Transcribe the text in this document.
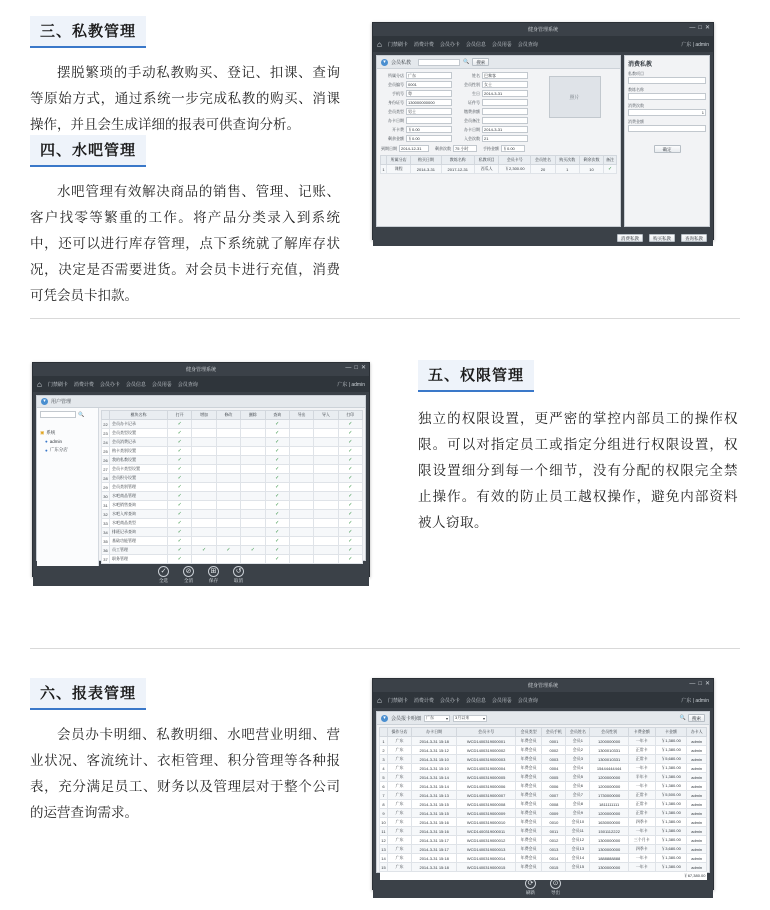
三、私教管理
摆脱繁琐的手动私教购买、登记、扣课、查询等原始方式，通过系统一步完成私教的购买、消课操作，并且会生成详细的报表可供查询分析。
四、水吧管理
水吧管理有效解决商品的销售、管理、记账、客户找零等繁重的工作。将产品分类录入到系统中，还可以进行库存管理，点下系统就了解库存状况，决定是否需要进货。对会员卡进行充值，消费可凭会员卡扣款。
健身管理系统	— □ ✕
⌂ 门禁刷卡 消费计费 会员办卡 会员信息 会员用품 会员查询	广东 | admin
▾	会员私教	🔍	搜索
所属分店	广东
会员编号	0001
手机号	粤
身份证号	130000000000
会员类型	男士
办卡日期
开卡费	￥0.00
剩余金额	￥0.00
姓名	巴黎客
会员性别	女士
生日	2014-3-31
证件号
缴费余额
会员备注
办卡日期	2014-3-31
入会次数	21
照片
到期日期	2014-12-31	剩余次数	75 小时	手持金额	￥0.00
	所属分店	购买日期	教练名称	私教项目	会员卡号	会员姓名	购买次数	剩余次数	备注
1	课程	2014-3-31	2017-12-31	西瓜人	￥2,300.00	20	1	10	✓
消费私教
私教项目
教练名称
消费次数
1
消费金额
确定
消费私教	购买私教	查询私教
健身管理系统	— □ ✕
⌂ 门禁刷卡 消费计费 会员办卡 会员信息 会员用품 会员查询	广东 | admin
▾	用户管理
🔍
▣ 系统
● admin
● 广东分店
	模块名称	打开	增加	修改	删除	查询	导出	导入	打印
22	会员办卡记录	✓				✓			✓
23	会员类型设置	✓				✓			✓
24	会员消费记录	✓				✓			✓
25	购卡类别设置	✓				✓			✓
26	我的私教设置	✓				✓			✓
27	会员卡类型设置	✓				✓			✓
28	会员积分设置	✓				✓			✓
29	会员类别管理	✓				✓			✓
30	水吧商品管理	✓				✓			✓
31	水吧销售查询	✓				✓			✓
32	水吧入库查询	✓				✓			✓
33	水吧商品类型	✓				✓			✓
34	排班记录查询	✓				✓			✓
35	基础功能管理	✓				✓			✓
36	员工管理	✓	✓	✓	✓	✓			✓
37	职务管理	✓				✓			✓
✓
全选
⊘
全消
⊞
保存
↺
取消
五、权限管理
独立的权限设置，更严密的掌控内部员工的操作权限。可以对指定员工或指定分组进行权限设置，权限设置细分到每一个细节，没有分配的权限完全禁止操作。有效的防止员工越权操作，避免内部资料被人窃取。
六、报表管理
会员办卡明细、私教明细、水吧营业明细、营业状况、客流统计、衣柜管理、积分管理等各种报表，充分满足员工、财务以及管理层对于整个公司的运营查询需求。
健身管理系统	— □ ✕
⌂ 门禁刷卡 消费计费 会员办卡 会员信息 会员用품 会员查询	广东 | admin
▾	会员报卡明细 广东	▾ 3月以来	▾	🔍	搜索
	操作分店	办卡日期	会员卡号	会员类型	会员手机	会员姓名	会员性别	卡费金额	卡金额	办卡人
1	广东	2014-3-31 15:18	WCD1400319000001	年费会员	0001	会员1	1200000000	一年卡	￥1,380.00	admin
2	广东	2014-3-31 15:12	WCD1400319000002	年费会员	0002	会员2	1300010331	正常卡	￥1,380.00	admin
3	广东	2014-3-31 15:10	WCD1400319000003	年费会员	0003	会员3	1300010331	正常卡	￥5,680.00	admin
4	广东	2014-3-31 15:10	WCD1400319000004	年费会员	0004	会员4	15444444444	一年卡	￥1,380.00	admin
5	广东	2014-3-31 15:14	WCD1400319000005	年费会员	0005	会员5	1200000000	半年卡	￥1,380.00	admin
6	广东	2014-3-31 15:14	WCD1400319000006	年费会员	0006	会员6	1200000000	一年卡	￥1,380.00	admin
7	广东	2014-3-31 15:13	WCD1400319000007	年费会员	0007	会员7	1730000000	正常卡	￥5,500.00	admin
8	广东	2014-3-31 15:15	WCD1400319000008	年费会员	0008	会员8	1811111111	正常卡	￥1,380.00	admin
9	广东	2014-3-31 15:15	WCD1400319000009	年费会员	0009	会员9	1200000000	正常卡	￥1,380.00	admin
10	广东	2014-3-31 15:16	WCD1400319000010	年费会员	0010	会员10	1630000000	四季卡	￥1,380.00	admin
11	广东	2014-3-31 15:16	WCD1400319000011	年费会员	0011	会员11	1501112222	一年卡	￥1,380.00	admin
12	广东	2014-3-31 15:17	WCD1400319000012	年费会员	0012	会员12	1300000000	三个月卡	￥1,380.00	admin
13	广东	2014-3-31 15:17	WCD1400319000013	年费会员	0013	会员13	1300000000	四季卡	￥3,680.00	admin
14	广东	2014-3-31 15:18	WCD1400319000014	年费会员	0014	会员14	1888888888	一年卡	￥1,380.00	admin
15	广东	2014-3-31 15:18	WCD1400319000015	年费会员	0015	会员15	1300000000	一年卡	￥1,380.00	admin
									￥67,380.00	
⟳
刷新
⊙
导出
